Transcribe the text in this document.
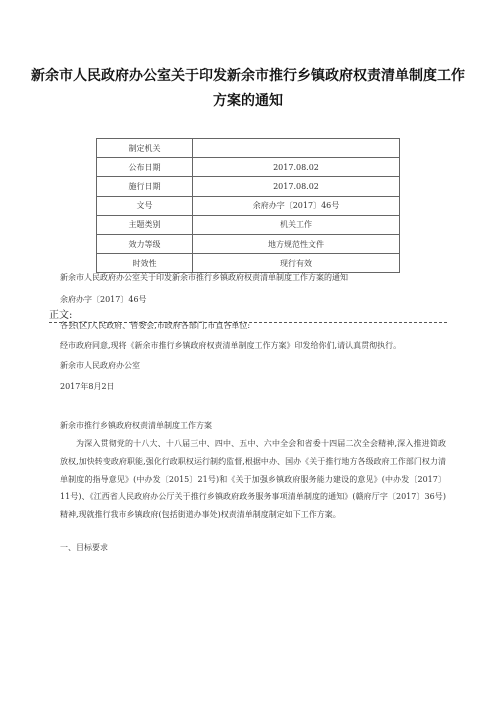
新余市人民政府办公室关于印发新余市推行乡镇政府权责清单制度工作方案的通知
制定机关	
公布日期	2017.08.02
施行日期	2017.08.02
文号	余府办字〔2017〕46号
主题类别	机关工作
效力等级	地方规范性文件
时效性	现行有效
正文:
新余市人民政府办公室关于印发新余市推行乡镇政府权责清单制度工作方案的通知
余府办字〔2017〕46号
各县(区)人民政府、管委会,市政府各部门,市直各单位:
经市政府同意,现将《新余市推行乡镇政府权责清单制度工作方案》印发给你们,请认真贯彻执行。
新余市人民政府办公室
2017年8月2日
新余市推行乡镇政府权责清单制度工作方案
为深入贯彻党的十八大、十八届三中、四中、五中、六中全会和省委十四届二次全会精神,深入推进简政放权,加快转变政府职能,强化行政职权运行制约监督,根据中办、国办《关于推行地方各级政府工作部门权力清单制度的指导意见》(中办发〔2015〕21号)和《关于加强乡镇政府服务能力建设的意见》(中办发〔2017〕11号)、《江西省人民政府办公厅关于推行乡镇政府政务服务事项清单制度的通知》(赣府厅字〔2017〕36号)精神,现就推行我市乡镇政府(包括街道办事处)权责清单制度制定如下工作方案。
一、目标要求
